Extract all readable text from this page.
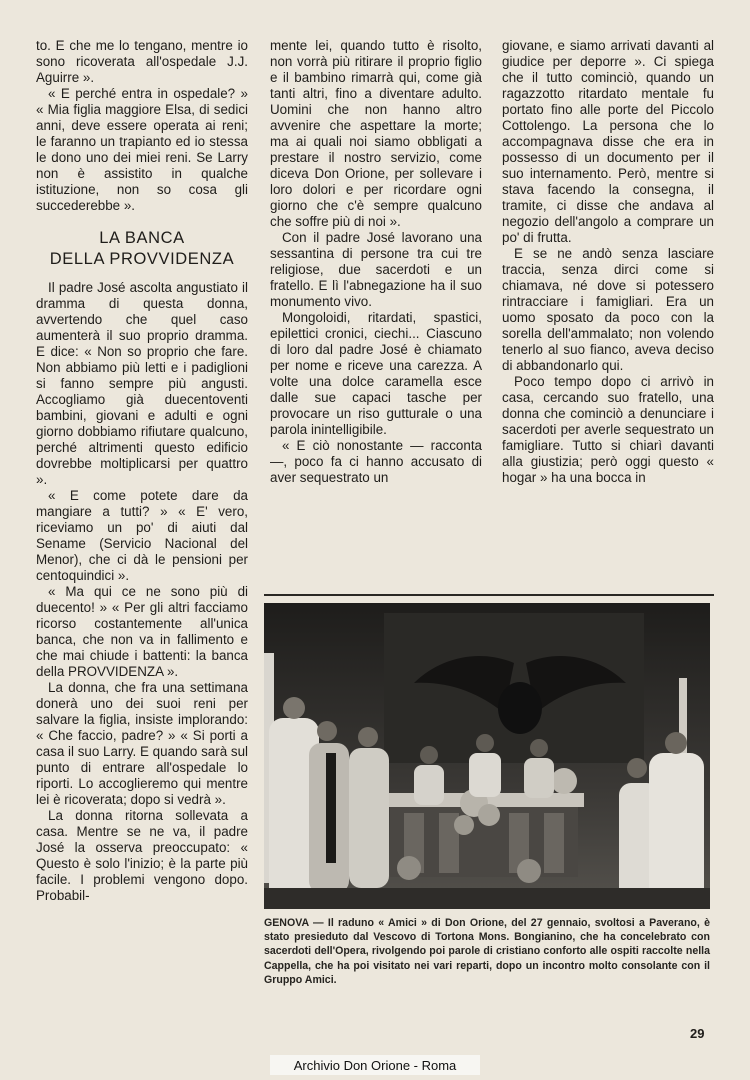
to. E che me lo tengano, mentre io sono ricoverata all'ospedale J.J. Aguirre ».

« E perché entra in ospedale? » « Mia figlia maggiore Elsa, di sedici anni, deve essere operata ai reni; le faranno un trapianto ed io stessa le dono uno dei miei reni. Se Larry non è assistito in qualche istituzione, non so cosa gli succederebbe ».

LA BANCA
DELLA PROVVIDENZA

Il padre José ascolta angustiato il dramma di questa donna, avvertendo che quel caso aumenterà il suo proprio dramma. E dice: « Non so proprio che fare. Non abbiamo più letti e i padiglioni si fanno sempre più angusti. Accogliamo già duecentoventi bambini, giovani e adulti e ogni giorno dobbiamo rifiutare qualcuno, perché altrimenti questo edificio dovrebbe moltiplicarsi per quattro ».

« E come potete dare da mangiare a tutti? » « E' vero, riceviamo un po' di aiuti dal Sename (Servicio Nacional del Menor), che ci dà le pensioni per centoquindici ».

« Ma qui ce ne sono più di duecento! » « Per gli altri facciamo ricorso costantemente all'unica banca, che non va in fallimento e che mai chiude i battenti: la banca della PROVVIDENZA ».

La donna, che fra una settimana donerà uno dei suoi reni per salvare la figlia, insiste implorando: « Che faccio, padre? » « Si porti a casa il suo Larry. E quando sarà sul punto di entrare all'ospedale lo riporti. Lo accoglieremo qui mentre lei è ricoverata; dopo si vedrà ».

La donna ritorna sollevata a casa. Mentre se ne va, il padre José la osserva preoccupato: « Questo è solo l'inizio; è la parte più facile. I problemi vengono dopo. Probabil-

mente lei, quando tutto è risolto, non vorrà più ritirare il proprio figlio e il bambino rimarrà qui, come già tanti altri, fino a diventare adulto. Uomini che non hanno altro avvenire che aspettare la morte; ma ai quali noi siamo obbligati a prestare il nostro servizio, come diceva Don Orione, per sollevare i loro dolori e per ricordare ogni giorno che c'è sempre qualcuno che soffre più di noi ».

Con il padre José lavorano una sessantina di persone tra cui tre religiose, due sacerdoti e un fratello. E lì l'abnegazione ha il suo monumento vivo.

Mongoloidi, ritardati, spastici, epilettici cronici, ciechi... Ciascuno di loro dal padre José è chiamato per nome e riceve una carezza. A volte una dolce caramella esce dalle sue capaci tasche per provocare un riso gutturale o una parola inintelligibile.

« E ciò nonostante — racconta —, poco fa ci hanno accusato di aver sequestrato un

giovane, e siamo arrivati davanti al giudice per deporre ». Ci spiega che il tutto cominciò, quando un ragazzotto ritardato mentale fu portato fino alle porte del Piccolo Cottolengo. La persona che lo accompagnava disse che era in possesso di un documento per il suo internamento. Però, mentre si stava facendo la consegna, il tramite, ci disse che andava al negozio dell'angolo a comprare un po' di frutta.

E se ne andò senza lasciare traccia, senza dirci come si chiamava, né dove si potessero rintracciare i famigliari. Era un uomo sposato da poco con la sorella dell'ammalato; non volendo tenerlo al suo fianco, aveva deciso di abbandonarlo qui.

Poco tempo dopo ci arrivò in casa, cercando suo fratello, una donna che cominciò a denunciare i sacerdoti per averle sequestrato un famigliare. Tutto si chiarì davanti alla giustizia; però oggi questo « hogar » ha una bocca in

GENOVA — Il raduno « Amici » di Don Orione, del 27 gennaio, svoltosi a Paverano, è stato presieduto dal Vescovo di Tortona Mons. Bongianino, che ha concelebrato con sacerdoti dell'Opera, rivolgendo poi parole di cristiano conforto alle ospiti raccolte nella Cappella, che ha poi visitato nei vari reparti, dopo un incontro molto consolante con il Gruppo Amici.
29
Archivio Don Orione - Roma
